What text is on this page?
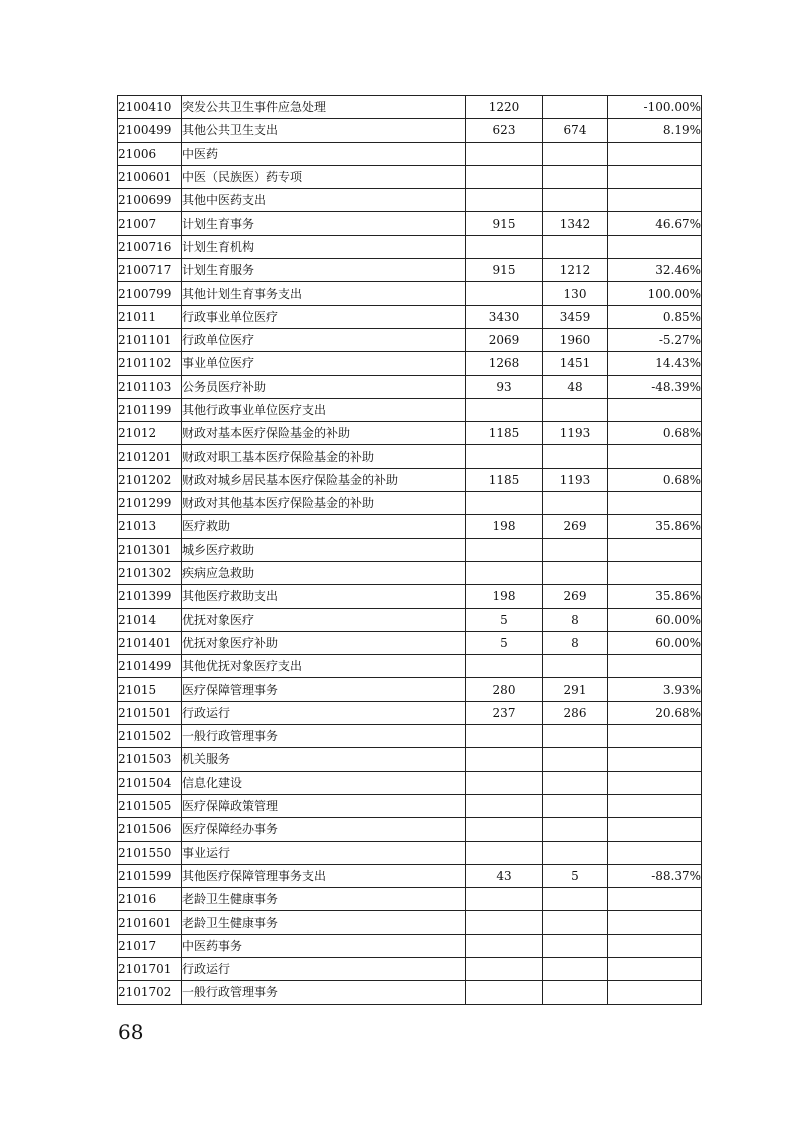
2100410	突发公共卫生事件应急处理	1220		-100.00%
2100499	其他公共卫生支出	623	674	8.19%
21006	中医药			
2100601	中医（民族医）药专项			
2100699	其他中医药支出			
21007	计划生育事务	915	1342	46.67%
2100716	计划生育机构			
2100717	计划生育服务	915	1212	32.46%
2100799	其他计划生育事务支出		130	100.00%
21011	行政事业单位医疗	3430	3459	0.85%
2101101	行政单位医疗	2069	1960	-5.27%
2101102	事业单位医疗	1268	1451	14.43%
2101103	公务员医疗补助	93	48	-48.39%
2101199	其他行政事业单位医疗支出			
21012	财政对基本医疗保险基金的补助	1185	1193	0.68%
2101201	财政对职工基本医疗保险基金的补助			
2101202	财政对城乡居民基本医疗保险基金的补助	1185	1193	0.68%
2101299	财政对其他基本医疗保险基金的补助			
21013	医疗救助	198	269	35.86%
2101301	城乡医疗救助			
2101302	疾病应急救助			
2101399	其他医疗救助支出	198	269	35.86%
21014	优抚对象医疗	5	8	60.00%
2101401	优抚对象医疗补助	5	8	60.00%
2101499	其他优抚对象医疗支出			
21015	医疗保障管理事务	280	291	3.93%
2101501	行政运行	237	286	20.68%
2101502	一般行政管理事务			
2101503	机关服务			
2101504	信息化建设			
2101505	医疗保障政策管理			
2101506	医疗保障经办事务			
2101550	事业运行			
2101599	其他医疗保障管理事务支出	43	5	-88.37%
21016	老龄卫生健康事务			
2101601	老龄卫生健康事务			
21017	中医药事务			
2101701	行政运行			
2101702	一般行政管理事务			
68
